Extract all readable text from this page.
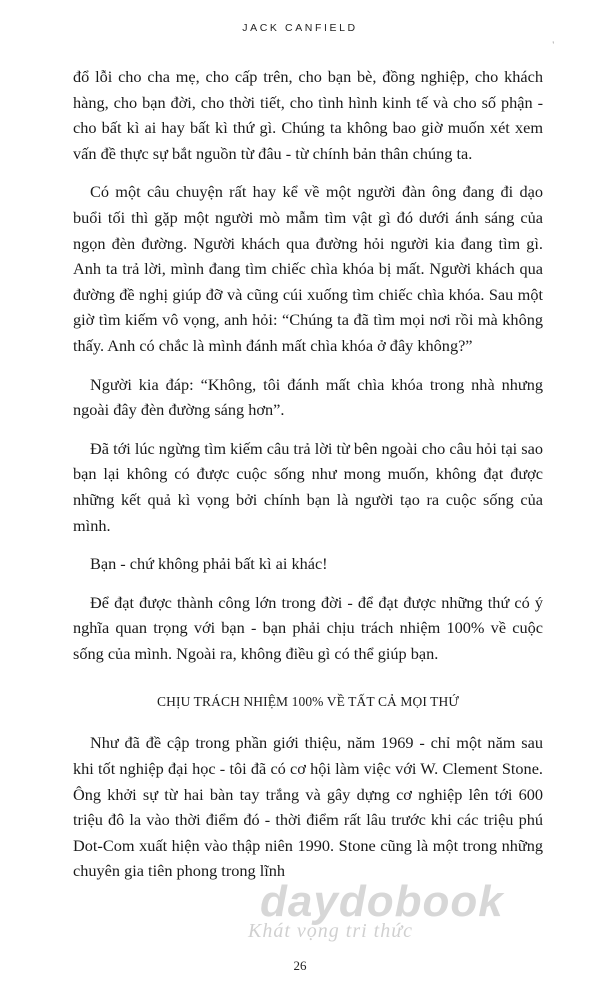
JACK CANFIELD
'

đổ lỗi cho cha mẹ, cho cấp trên, cho bạn bè, đồng nghiệp, cho khách hàng, cho bạn đời, cho thời tiết, cho tình hình kinh tế và cho số phận - cho bất kì ai hay bất kì thứ gì. Chúng ta không bao giờ muốn xét xem vấn đề thực sự bắt nguồn từ đâu - từ chính bản thân chúng ta.

Có một câu chuyện rất hay kể về một người đàn ông đang đi dạo buổi tối thì gặp một người mò mẫm tìm vật gì đó dưới ánh sáng của ngọn đèn đường. Người khách qua đường hỏi người kia đang tìm gì. Anh ta trả lời, mình đang tìm chiếc chìa khóa bị mất. Người khách qua đường đề nghị giúp đỡ và cũng cúi xuống tìm chiếc chìa khóa. Sau một giờ tìm kiếm vô vọng, anh hỏi: “Chúng ta đã tìm mọi nơi rồi mà không thấy. Anh có chắc là mình đánh mất chìa khóa ở đây không?”

Người kia đáp: “Không, tôi đánh mất chìa khóa trong nhà nhưng ngoài đây đèn đường sáng hơn”.

Đã tới lúc ngừng tìm kiếm câu trả lời từ bên ngoài cho câu hỏi tại sao bạn lại không có được cuộc sống như mong muốn, không đạt được những kết quả kì vọng bởi chính bạn là người tạo ra cuộc sống của mình.

Bạn - chứ không phải bất kì ai khác!

Để đạt được thành công lớn trong đời - để đạt được những thứ có ý nghĩa quan trọng với bạn - bạn phải chịu trách nhiệm 100% về cuộc sống của mình. Ngoài ra, không điều gì có thể giúp bạn.

CHỊU TRÁCH NHIỆM 100% VỀ TẤT CẢ MỌI THỨ

Như đã đề cập trong phần giới thiệu, năm 1969 - chỉ một năm sau khi tốt nghiệp đại học - tôi đã có cơ hội làm việc với W. Clement Stone. Ông khởi sự từ hai bàn tay trắng và gây dựng cơ nghiệp lên tới 600 triệu đô la vào thời điểm đó - thời điểm rất lâu trước khi các triệu phú Dot-Com xuất hiện vào thập niên 1990. Stone cũng là một trong những chuyên gia tiên phong trong lĩnh

daydobook
Khát vọng tri thức
26
